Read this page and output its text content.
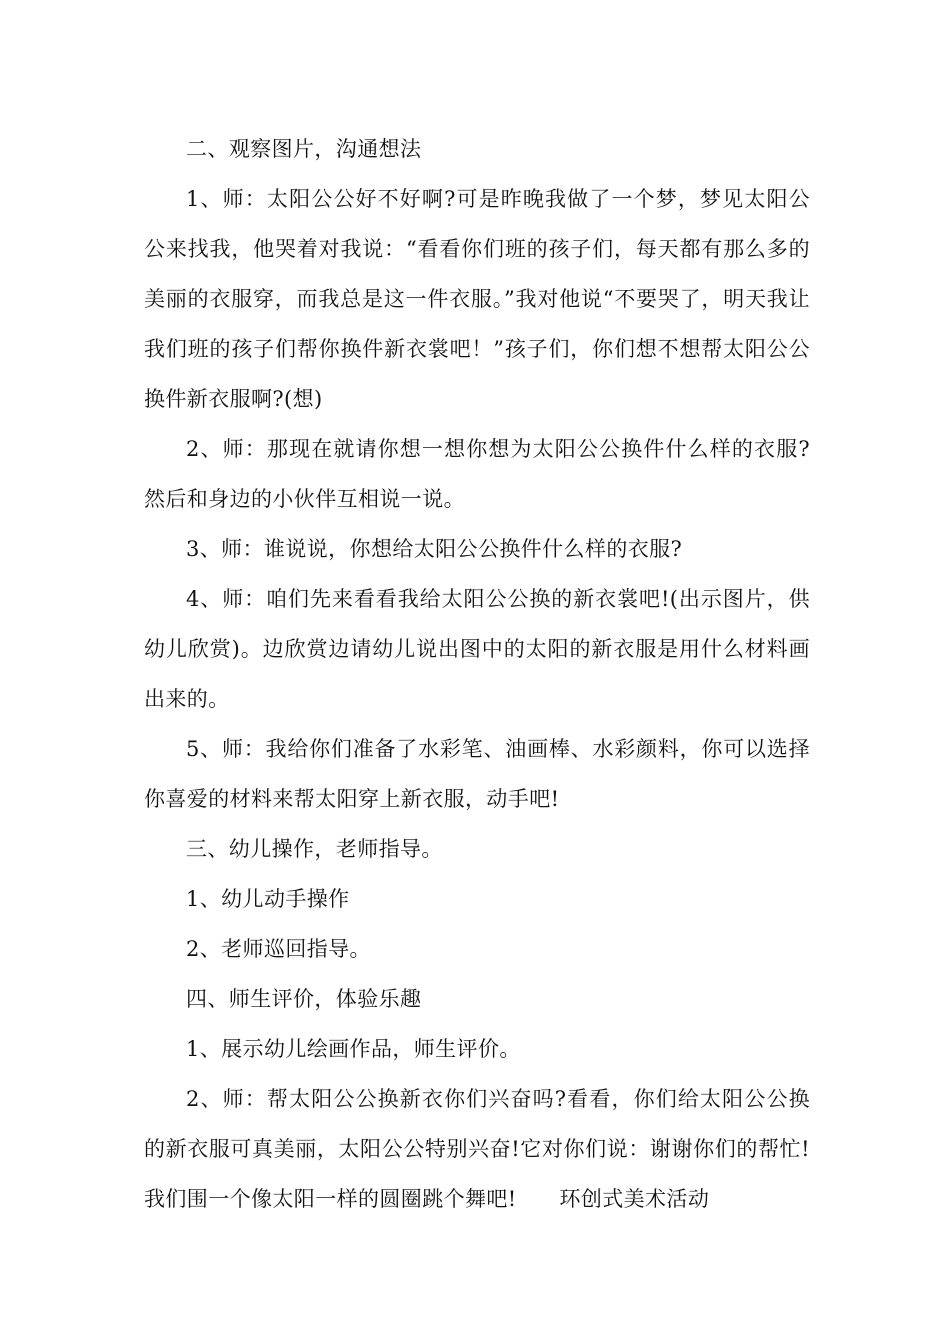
二、观察图片，沟通想法

1、师：太阳公公好不好啊?可是昨晚我做了一个梦，梦见太阳公公来找我，他哭着对我说：“看看你们班的孩子们，每天都有那么多的美丽的衣服穿，而我总是这一件衣服。”我对他说“不要哭了，明天我让我们班的孩子们帮你换件新衣裳吧！”孩子们，你们想不想帮太阳公公换件新衣服啊?(想)

2、师：那现在就请你想一想你想为太阳公公换件什么样的衣服?然后和身边的小伙伴互相说一说。

3、师：谁说说，你想给太阳公公换件什么样的衣服?

4、师：咱们先来看看我给太阳公公换的新衣裳吧!(出示图片，供幼儿欣赏)。边欣赏边请幼儿说出图中的太阳的新衣服是用什么材料画出来的。

5、师：我给你们准备了水彩笔、油画棒、水彩颜料，你可以选择你喜爱的材料来帮太阳穿上新衣服，动手吧!

三、幼儿操作，老师指导。

1、幼儿动手操作

2、老师巡回指导。

四、师生评价，体验乐趣

1、展示幼儿绘画作品，师生评价。

2、师：帮太阳公公换新衣你们兴奋吗?看看，你们给太阳公公换的新衣服可真美丽，太阳公公特别兴奋!它对你们说：谢谢你们的帮忙!我们围一个像太阳一样的圆圈跳个舞吧!　　环创式美术活动
